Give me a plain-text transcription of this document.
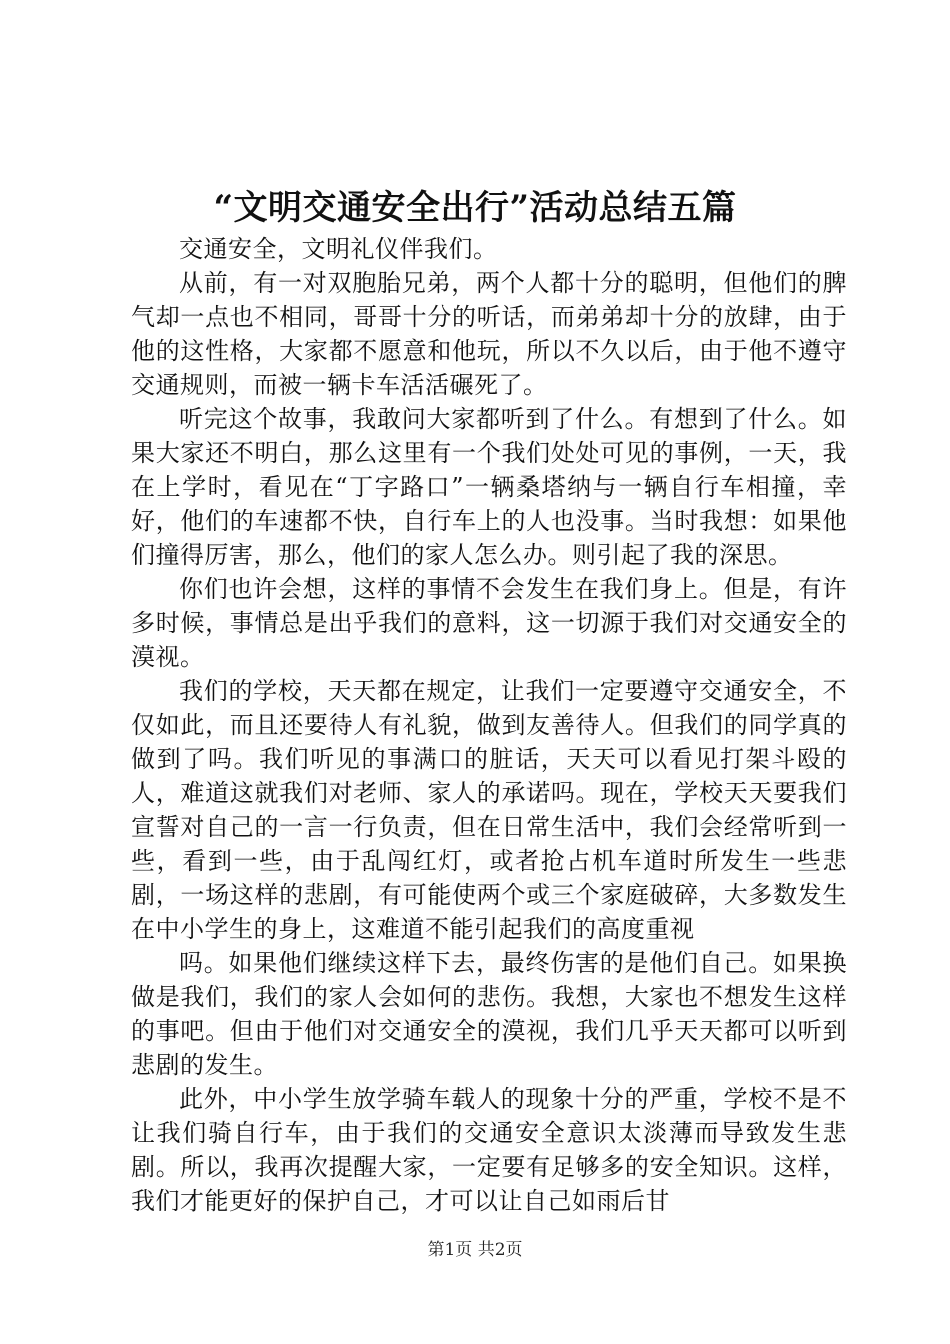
“文明交通安全出行”活动总结五篇

交通安全，文明礼仪伴我们。

从前，有一对双胞胎兄弟，两个人都十分的聪明，但他们的脾气却一点也不相同，哥哥十分的听话，而弟弟却十分的放肆，由于他的这性格，大家都不愿意和他玩，所以不久以后，由于他不遵守交通规则，而被一辆卡车活活碾死了。

听完这个故事，我敢问大家都听到了什么。有想到了什么。如果大家还不明白，那么这里有一个我们处处可见的事例，一天，我在上学时，看见在“丁字路口”一辆桑塔纳与一辆自行车相撞，幸好，他们的车速都不快，自行车上的人也没事。当时我想：如果他们撞得厉害，那么，他们的家人怎么办。则引起了我的深思。

你们也许会想，这样的事情不会发生在我们身上。但是，有许多时候，事情总是出乎我们的意料，这一切源于我们对交通安全的漠视。

我们的学校，天天都在规定，让我们一定要遵守交通安全，不仅如此，而且还要待人有礼貌，做到友善待人。但我们的同学真的做到了吗。我们听见的事满口的脏话，天天可以看见打架斗殴的人，难道这就我们对老师、家人的承诺吗。现在，学校天天要我们宣誓对自己的一言一行负责，但在日常生活中，我们会经常听到一些，看到一些，由于乱闯红灯，或者抢占机车道时所发生一些悲剧，一场这样的悲剧，有可能使两个或三个家庭破碎，大多数发生在中小学生的身上，这难道不能引起我们的高度重视

吗。如果他们继续这样下去，最终伤害的是他们自己。如果换做是我们，我们的家人会如何的悲伤。我想，大家也不想发生这样的事吧。但由于他们对交通安全的漠视，我们几乎天天都可以听到悲剧的发生。

此外，中小学生放学骑车载人的现象十分的严重，学校不是不让我们骑自行车，由于我们的交通安全意识太淡薄而导致发生悲剧。所以，我再次提醒大家，一定要有足够多的安全知识。这样，我们才能更好的保护自己，才可以让自己如雨后甘

第1页 共2页
